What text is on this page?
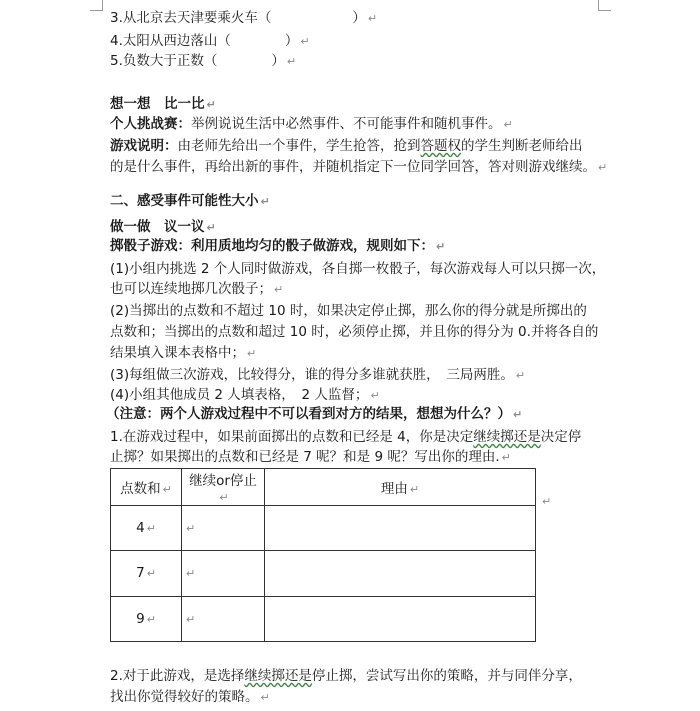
3.从北京去天津要乘火车（　　　　　　） ↵
4.太阳从西边落山（　　　　） ↵
5.负数大于正数（　　　　） ↵
想一想　比一比 ↵
个人挑战赛：举例说说生活中必然事件、不可能事件和随机事件。 ↵
游戏说明：由老师先给出一个事件，学生抢答，抢到答题权的学生判断老师给出
的是什么事件，再给出新的事件，并随机指定下一位同学回答，答对则游戏继续。 ↵
二、感受事件可能性大小 ↵
做一做　议一议 ↵
掷骰子游戏：利用质地均匀的骰子做游戏，规则如下： ↵
(1)小组内挑选 2 个人同时做游戏，各自掷一枚骰子，每次游戏每人可以只掷一次，
也可以连续地掷几次骰子； ↵
(2)当掷出的点数和不超过 10 时，如果决定停止掷，那么你的得分就是所掷出的
点数和；当掷出的点数和超过 10 时，必须停止掷，并且你的得分为 0.并将各自的
结果填入课本表格中； ↵
(3)每组做三次游戏，比较得分，谁的得分多谁就获胜，　三局两胜。 ↵
(4)小组其他成员 2 人填表格，　2 人监督； ↵
（注意：两个人游戏过程中不可以看到对方的结果，想想为什么？） ↵
1.在游戏过程中，如果前面掷出的点数和已经是 4，你是决定继续掷还是决定停
止掷？如果掷出的点数和已经是 7 呢？和是 9 呢？写出你的理由. ↵
点数和 ↵	继续or停止↵	理由 ↵
4 ↵	↵	
7 ↵	↵	
9 ↵	↵	
↵
2.对于此游戏，是选择继续掷还是停止掷，尝试写出你的策略，并与同伴分享，
找出你觉得较好的策略。 ↵
